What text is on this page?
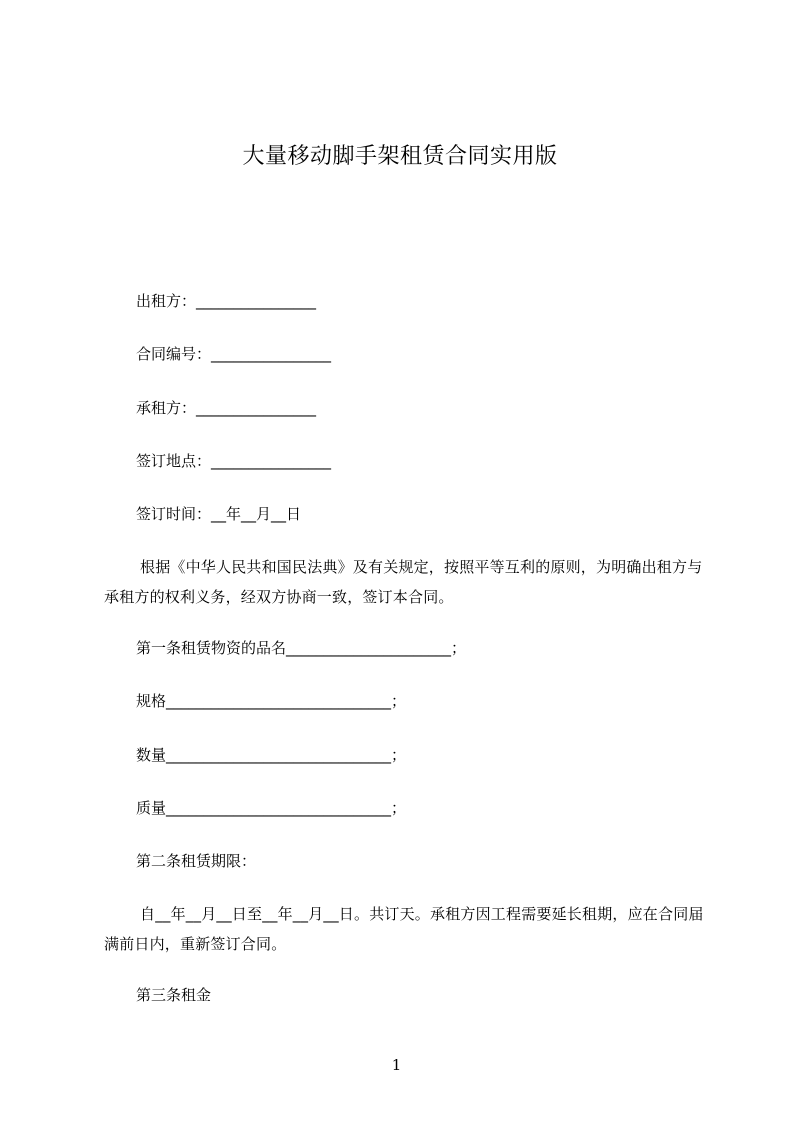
大量移动脚手架租赁合同实用版
出租方：________________
合同编号：________________
承租方：________________
签订地点：________________
签订时间：__年__月__日
根据《中华人民共和国民法典》及有关规定，按照平等互利的原则，为明确出租方与承租方的权利义务，经双方协商一致，签订本合同。
第一条租赁物资的品名______________________；
规格______________________________；
数量______________________________；
质量______________________________；
第二条租赁期限：
自__年__月__日至__年__月__日。共订天。承租方因工程需要延长租期，应在合同届满前日内，重新签订合同。
第三条租金
1
